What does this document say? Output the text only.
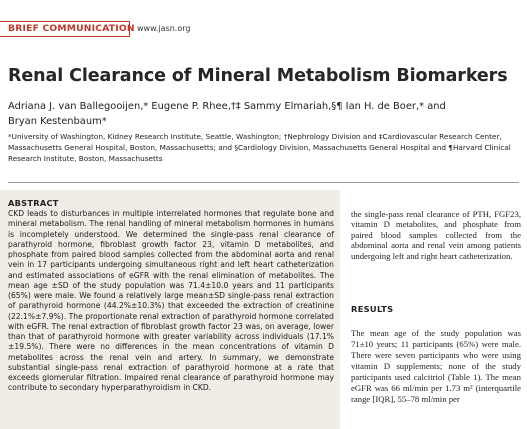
BRIEF COMMUNICATION www.jasn.org
Renal Clearance of Mineral Metabolism Biomarkers
Adriana J. van Ballegooijen,* Eugene P. Rhee,†‡ Sammy Elmariah,§¶ Ian H. de Boer,* and
Bryan Kestenbaum*
*University of Washington, Kidney Research Institute, Seattle, Washington; †Nephrology Division and ‡Cardiovascular Research Center, Massachusetts General Hospital, Boston, Massachusetts; and §Cardiology Division, Massachusetts General Hospital and ¶Harvard Clinical Research Institute, Boston, Massachusetts
ABSTRACT
CKD leads to disturbances in multiple interrelated hormones that regulate bone and mineral metabolism. The renal handling of mineral metabolism hormones in humans is incompletely understood. We determined the single-pass renal clearance of parathyroid hormone, fibroblast growth factor 23, vitamin D metabolites, and phosphate from paired blood samples collected from the abdominal aorta and renal vein in 17 participants undergoing simultaneous right and left heart catheterization and estimated associations of eGFR with the renal elimination of metabolites. The mean age ±SD of the study population was 71.4±10.0 years and 11 participants (65%) were male. We found a relatively large mean±SD single-pass renal extraction of parathyroid hormone (44.2%±10.3%) that exceeded the extraction of creatinine (22.1%±7.9%). The proportionate renal extraction of parathyroid hormone correlated with eGFR. The renal extraction of fibroblast growth factor 23 was, on average, lower than that of parathyroid hormone with greater variability across individuals (17.1%±19.5%). There were no differences in the mean concentrations of vitamin D metabolites across the renal vein and artery. In summary, we demonstrate substantial single-pass renal extraction of parathyroid hormone at a rate that exceeds glomerular filtration. Impaired renal clearance of parathyroid hormone may contribute to secondary hyperparathyroidism in CKD.
the single-pass renal clearance of PTH, FGF23, vitamin D metabolites, and phosphate from paired blood samples collected from the abdominal aorta and renal vein among patients undergoing left and right heart catheterization.
RESULTS
The mean age of the study population was 71±10 years; 11 participants (65%) were male. There were seven participants who were using vitamin D supplements; none of the study participants used calcitriol (Table 1). The mean eGFR was 66 ml/min per 1.73 m² (interquartile range [IQR], 55–78 ml/min per
